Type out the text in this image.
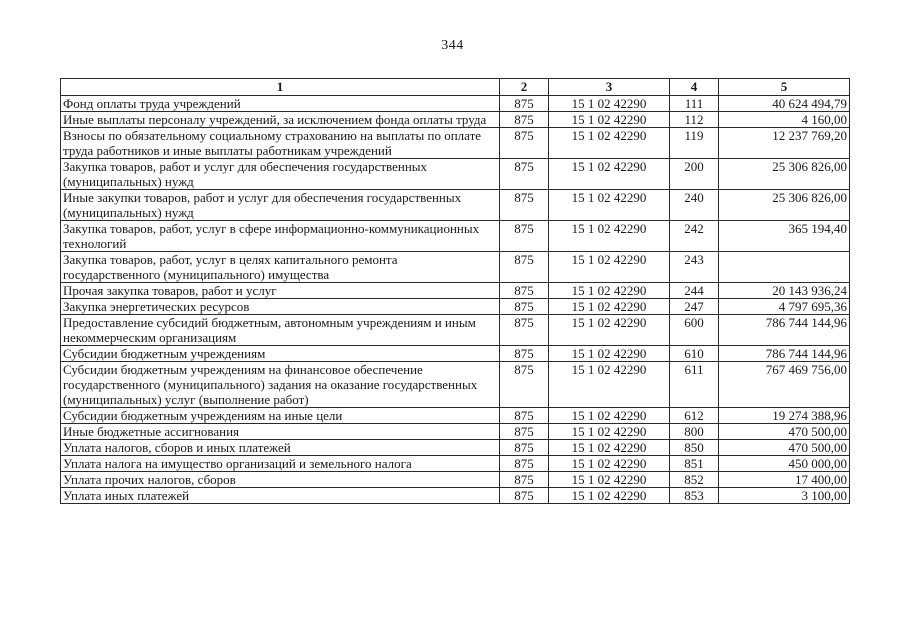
344
1	2	3	4	5
Фонд оплаты труда учреждений	875	15 1 02 42290	111	40 624 494,79
Иные выплаты персоналу учреждений, за исключением фонда оплаты труда	875	15 1 02 42290	112	4 160,00
Взносы по обязательному социальному страхованию на выплаты по оплате труда работников и иные выплаты работникам учреждений	875	15 1 02 42290	119	12 237 769,20
Закупка товаров, работ и услуг для обеспечения государственных (муниципальных) нужд	875	15 1 02 42290	200	25 306 826,00
Иные закупки товаров, работ и услуг для обеспечения государственных (муниципальных) нужд	875	15 1 02 42290	240	25 306 826,00
Закупка товаров, работ, услуг в сфере информационно-коммуникационных технологий	875	15 1 02 42290	242	365 194,40
Закупка товаров, работ, услуг в целях капитального ремонта государственного (муниципального) имущества	875	15 1 02 42290	243	
Прочая закупка товаров, работ и услуг	875	15 1 02 42290	244	20 143 936,24
Закупка энергетических ресурсов	875	15 1 02 42290	247	4 797 695,36
Предоставление субсидий бюджетным, автономным учреждениям и иным некоммерческим организациям	875	15 1 02 42290	600	786 744 144,96
Субсидии бюджетным учреждениям	875	15 1 02 42290	610	786 744 144,96
Субсидии бюджетным учреждениям на финансовое обеспечение государственного (муниципального) задания на оказание государственных (муниципальных) услуг (выполнение работ)	875	15 1 02 42290	611	767 469 756,00
Субсидии бюджетным учреждениям на иные цели	875	15 1 02 42290	612	19 274 388,96
Иные бюджетные ассигнования	875	15 1 02 42290	800	470 500,00
Уплата налогов, сборов и иных платежей	875	15 1 02 42290	850	470 500,00
Уплата налога на имущество организаций и земельного налога	875	15 1 02 42290	851	450 000,00
Уплата прочих налогов, сборов	875	15 1 02 42290	852	17 400,00
Уплата иных платежей	875	15 1 02 42290	853	3 100,00
